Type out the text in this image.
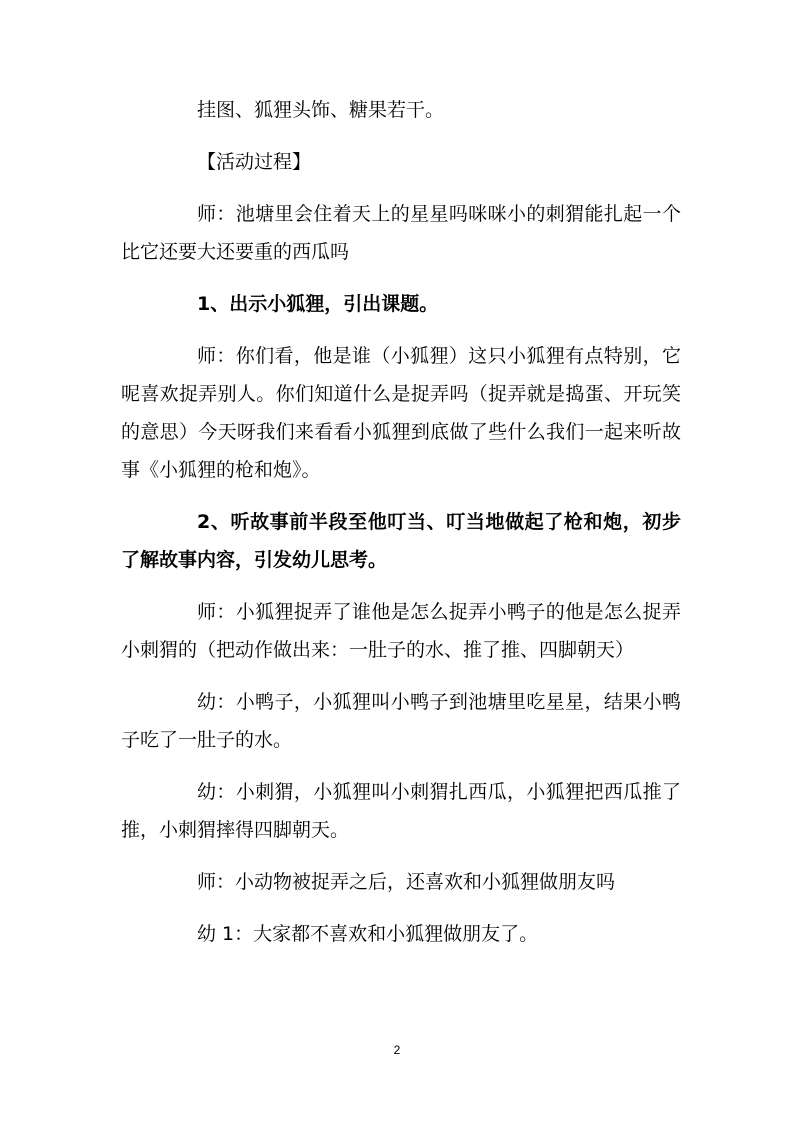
挂图、狐狸头饰、糖果若干。

【活动过程】

师：池塘里会住着天上的星星吗咪咪小的刺猬能扎起一个比它还要大还要重的西瓜吗

1、出示小狐狸，引出课题。

师：你们看，他是谁（小狐狸）这只小狐狸有点特别，它呢喜欢捉弄别人。你们知道什么是捉弄吗（捉弄就是捣蛋、开玩笑的意思）今天呀我们来看看小狐狸到底做了些什么我们一起来听故事《小狐狸的枪和炮》。

2、听故事前半段至他叮当、叮当地做起了枪和炮，初步了解故事内容，引发幼儿思考。

师：小狐狸捉弄了谁他是怎么捉弄小鸭子的他是怎么捉弄小刺猬的（把动作做出来：一肚子的水、推了推、四脚朝天）

幼：小鸭子，小狐狸叫小鸭子到池塘里吃星星，结果小鸭子吃了一肚子的水。

幼：小刺猬，小狐狸叫小刺猬扎西瓜，小狐狸把西瓜推了推，小刺猬摔得四脚朝天。

师：小动物被捉弄之后，还喜欢和小狐狸做朋友吗

幼 1：大家都不喜欢和小狐狸做朋友了。

2
